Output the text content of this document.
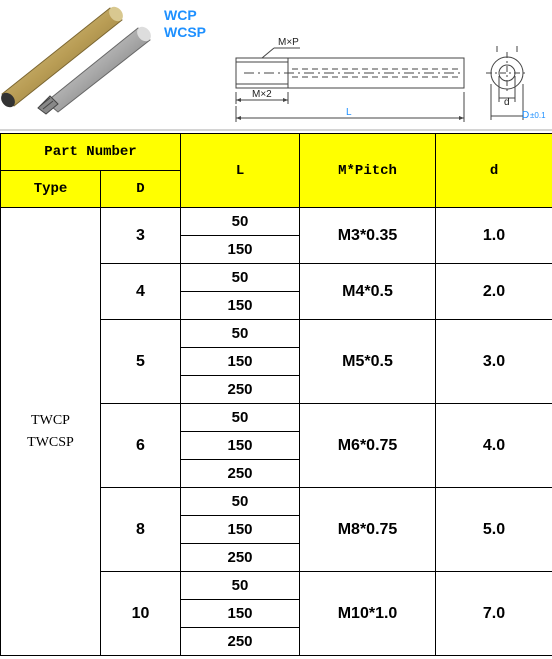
WCP
WCSP
M×P
M×2
L
d
D ±0.1
Part Number		L	M*Pitch	d
Type	D			

TWCP
TWCSP	3	50	M3*0.35	1.0
		150		
	4	50	M4*0.5	2.0
		150		
	5	50	M5*0.5	3.0
		150		
		250		
	6	50	M6*0.75	4.0
		150		
		250		
	8	50	M8*0.75	5.0
		150		
		250		
	10	50	M10*1.0	7.0
		150		
		250		
